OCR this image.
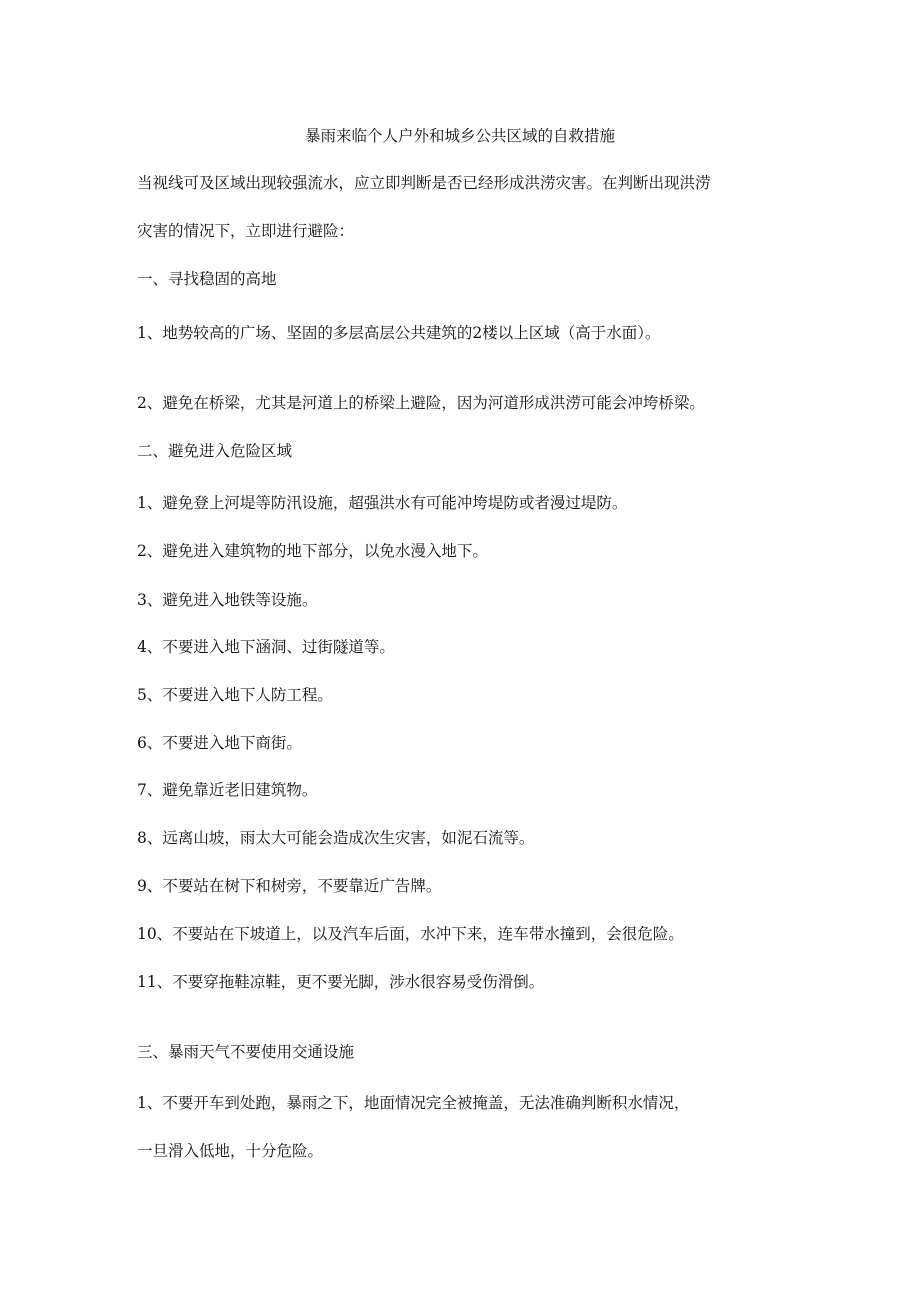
暴雨来临个人户外和城乡公共区域的自救措施
当视线可及区域出现较强流水，应立即判断是否已经形成洪涝灾害。在判断出现洪涝
灾害的情况下，立即进行避险：
一、寻找稳固的高地
1、地势较高的广场、坚固的多层高层公共建筑的2楼以上区域（高于水面）。
2、避免在桥梁，尤其是河道上的桥梁上避险，因为河道形成洪涝可能会冲垮桥梁。
二、避免进入危险区域
1、避免登上河堤等防汛设施，超强洪水有可能冲垮堤防或者漫过堤防。
2、避免进入建筑物的地下部分，以免水漫入地下。
3、避免进入地铁等设施。
4、不要进入地下涵洞、过街隧道等。
5、不要进入地下人防工程。
6、不要进入地下商街。
7、避免靠近老旧建筑物。
8、远离山坡，雨太大可能会造成次生灾害，如泥石流等。
9、不要站在树下和树旁，不要靠近广告牌。
10、不要站在下坡道上，以及汽车后面，水冲下来，连车带水撞到，会很危险。
11、不要穿拖鞋凉鞋，更不要光脚，涉水很容易受伤滑倒。
三、暴雨天气不要使用交通设施
1、不要开车到处跑，暴雨之下，地面情况完全被掩盖，无法准确判断积水情况，
一旦滑入低地，十分危险。
